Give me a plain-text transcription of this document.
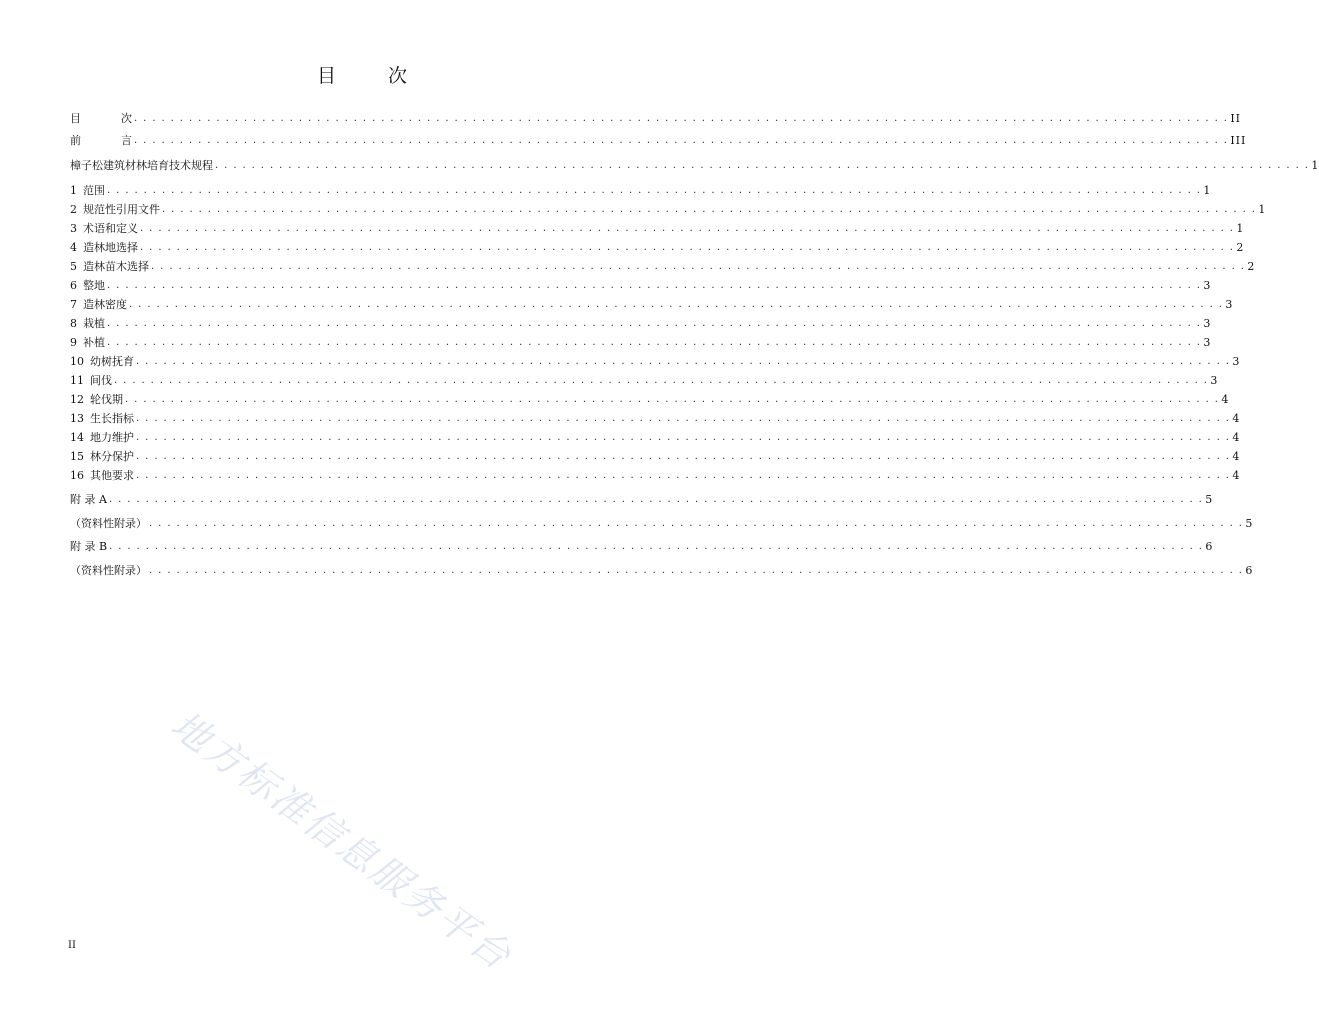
目	次
目	次 . . . . . . . . . . . . . . . . . . . . . . . . . . . . . . . . . . . . . . . . . . . . . . . . . . . . . . . . . . . . . . . . . . . . . . . . . . . . . . . . . . . . . . . . . . . . . . . . . . . . . . . . . . . . . . . . . . . . . . . . II
前	言 . . . . . . . . . . . . . . . . . . . . . . . . . . . . . . . . . . . . . . . . . . . . . . . . . . . . . . . . . . . . . . . . . . . . . . . . . . . . . . . . . . . . . . . . . . . . . . . . . . . . . . . . . . . . . . . . . . . . . . . . III
樟子松建筑材林培育技术规程 . . . . . . . . . . . . . . . . . . . . . . . . . . . . . . . . . . . . . . . . . . . . . . . . . . . . . . . . . . . . . . . . . . . . . . . . . . . . . . . . . . . . . . . . . . . . . . . . . . . . . . . . . . . . . . . . . . . . . . . . 1
1 范围 . . . . . . . . . . . . . . . . . . . . . . . . . . . . . . . . . . . . . . . . . . . . . . . . . . . . . . . . . . . . . . . . . . . . . . . . . . . . . . . . . . . . . . . . . . . . . . . . . . . . . . . . . . . . . . . . . . . . . . . . 1
2 规范性引用文件 . . . . . . . . . . . . . . . . . . . . . . . . . . . . . . . . . . . . . . . . . . . . . . . . . . . . . . . . . . . . . . . . . . . . . . . . . . . . . . . . . . . . . . . . . . . . . . . . . . . . . . . . . . . . . . . . . . . . . . . . 1
3 术语和定义 . . . . . . . . . . . . . . . . . . . . . . . . . . . . . . . . . . . . . . . . . . . . . . . . . . . . . . . . . . . . . . . . . . . . . . . . . . . . . . . . . . . . . . . . . . . . . . . . . . . . . . . . . . . . . . . . . . . . . . . . 1
4 造林地选择 . . . . . . . . . . . . . . . . . . . . . . . . . . . . . . . . . . . . . . . . . . . . . . . . . . . . . . . . . . . . . . . . . . . . . . . . . . . . . . . . . . . . . . . . . . . . . . . . . . . . . . . . . . . . . . . . . . . . . . . . 2
5 造林苗木选择 . . . . . . . . . . . . . . . . . . . . . . . . . . . . . . . . . . . . . . . . . . . . . . . . . . . . . . . . . . . . . . . . . . . . . . . . . . . . . . . . . . . . . . . . . . . . . . . . . . . . . . . . . . . . . . . . . . . . . . . . 2
6 整地 . . . . . . . . . . . . . . . . . . . . . . . . . . . . . . . . . . . . . . . . . . . . . . . . . . . . . . . . . . . . . . . . . . . . . . . . . . . . . . . . . . . . . . . . . . . . . . . . . . . . . . . . . . . . . . . . . . . . . . . . 3
7 造林密度 . . . . . . . . . . . . . . . . . . . . . . . . . . . . . . . . . . . . . . . . . . . . . . . . . . . . . . . . . . . . . . . . . . . . . . . . . . . . . . . . . . . . . . . . . . . . . . . . . . . . . . . . . . . . . . . . . . . . . . . . 3
8 栽植 . . . . . . . . . . . . . . . . . . . . . . . . . . . . . . . . . . . . . . . . . . . . . . . . . . . . . . . . . . . . . . . . . . . . . . . . . . . . . . . . . . . . . . . . . . . . . . . . . . . . . . . . . . . . . . . . . . . . . . . . 3
9 补植 . . . . . . . . . . . . . . . . . . . . . . . . . . . . . . . . . . . . . . . . . . . . . . . . . . . . . . . . . . . . . . . . . . . . . . . . . . . . . . . . . . . . . . . . . . . . . . . . . . . . . . . . . . . . . . . . . . . . . . . . 3
10 幼树抚育 . . . . . . . . . . . . . . . . . . . . . . . . . . . . . . . . . . . . . . . . . . . . . . . . . . . . . . . . . . . . . . . . . . . . . . . . . . . . . . . . . . . . . . . . . . . . . . . . . . . . . . . . . . . . . . . . . . . . . . . . 3
11 间伐 . . . . . . . . . . . . . . . . . . . . . . . . . . . . . . . . . . . . . . . . . . . . . . . . . . . . . . . . . . . . . . . . . . . . . . . . . . . . . . . . . . . . . . . . . . . . . . . . . . . . . . . . . . . . . . . . . . . . . . . . 3
12 轮伐期 . . . . . . . . . . . . . . . . . . . . . . . . . . . . . . . . . . . . . . . . . . . . . . . . . . . . . . . . . . . . . . . . . . . . . . . . . . . . . . . . . . . . . . . . . . . . . . . . . . . . . . . . . . . . . . . . . . . . . . . . 4
13 生长指标 . . . . . . . . . . . . . . . . . . . . . . . . . . . . . . . . . . . . . . . . . . . . . . . . . . . . . . . . . . . . . . . . . . . . . . . . . . . . . . . . . . . . . . . . . . . . . . . . . . . . . . . . . . . . . . . . . . . . . . . . 4
14 地力维护 . . . . . . . . . . . . . . . . . . . . . . . . . . . . . . . . . . . . . . . . . . . . . . . . . . . . . . . . . . . . . . . . . . . . . . . . . . . . . . . . . . . . . . . . . . . . . . . . . . . . . . . . . . . . . . . . . . . . . . . . 4
15 林分保护 . . . . . . . . . . . . . . . . . . . . . . . . . . . . . . . . . . . . . . . . . . . . . . . . . . . . . . . . . . . . . . . . . . . . . . . . . . . . . . . . . . . . . . . . . . . . . . . . . . . . . . . . . . . . . . . . . . . . . . . . 4
16 其他要求 . . . . . . . . . . . . . . . . . . . . . . . . . . . . . . . . . . . . . . . . . . . . . . . . . . . . . . . . . . . . . . . . . . . . . . . . . . . . . . . . . . . . . . . . . . . . . . . . . . . . . . . . . . . . . . . . . . . . . . . . 4
附 录 A . . . . . . . . . . . . . . . . . . . . . . . . . . . . . . . . . . . . . . . . . . . . . . . . . . . . . . . . . . . . . . . . . . . . . . . . . . . . . . . . . . . . . . . . . . . . . . . . . . . . . . . . . . . . . . . . . . . . . . . . 5
（资料性附录） . . . . . . . . . . . . . . . . . . . . . . . . . . . . . . . . . . . . . . . . . . . . . . . . . . . . . . . . . . . . . . . . . . . . . . . . . . . . . . . . . . . . . . . . . . . . . . . . . . . . . . . . . . . . . . . . . . . . . . . . 5
附 录 B . . . . . . . . . . . . . . . . . . . . . . . . . . . . . . . . . . . . . . . . . . . . . . . . . . . . . . . . . . . . . . . . . . . . . . . . . . . . . . . . . . . . . . . . . . . . . . . . . . . . . . . . . . . . . . . . . . . . . . . . 6
（资料性附录） . . . . . . . . . . . . . . . . . . . . . . . . . . . . . . . . . . . . . . . . . . . . . . . . . . . . . . . . . . . . . . . . . . . . . . . . . . . . . . . . . . . . . . . . . . . . . . . . . . . . . . . . . . . . . . . . . . . . . . . . 6
地方标准信息服务平台
II
